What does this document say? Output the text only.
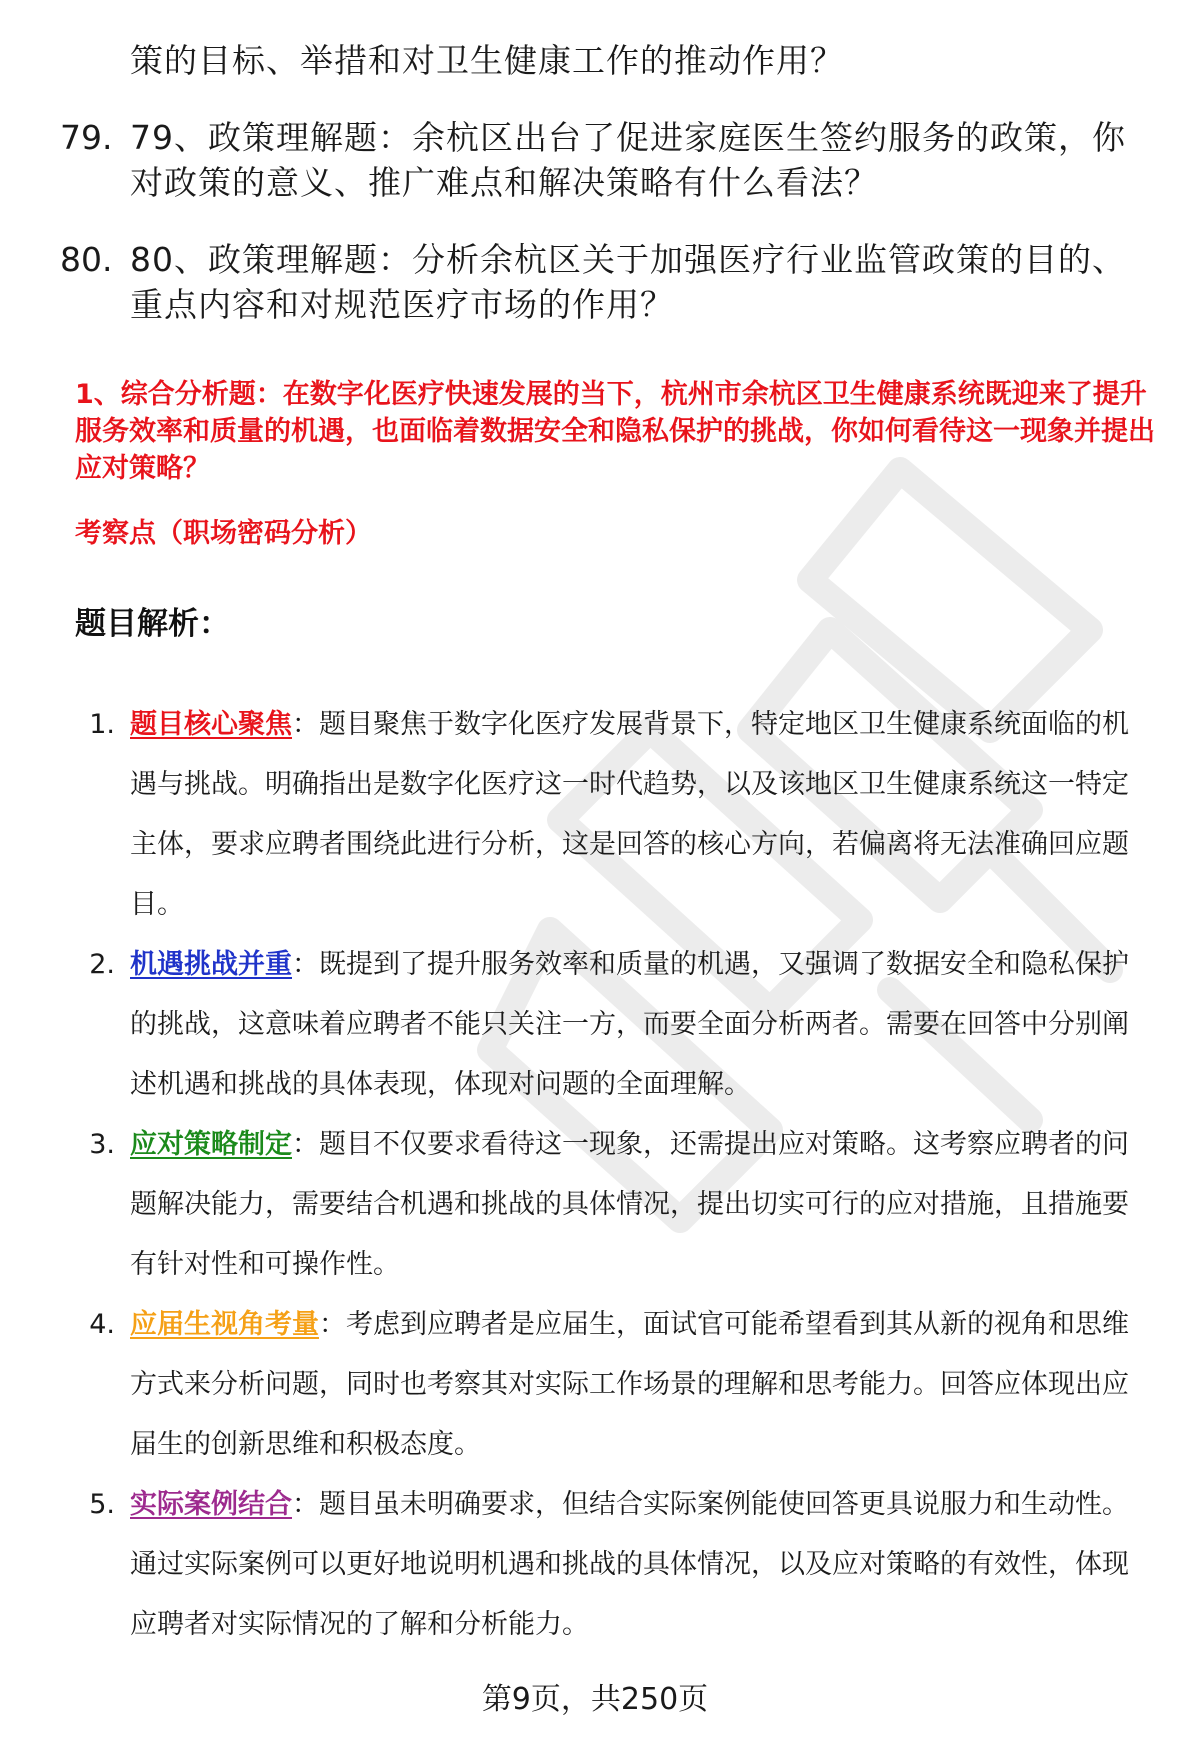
策的目标、举措和对卫生健康工作的推动作用？
79. 79、政策理解题：余杭区出台了促进家庭医生签约服务的政策，你对政策的意义、推广难点和解决策略有什么看法？
80. 80、政策理解题：分析余杭区关于加强医疗行业监管政策的目的、重点内容和对规范医疗市场的作用？
1、综合分析题：在数字化医疗快速发展的当下，杭州市余杭区卫生健康系统既迎来了提升服务效率和质量的机遇，也面临着数据安全和隐私保护的挑战，你如何看待这一现象并提出应对策略？
考察点（职场密码分析）
题目解析：
1. 题目核心聚焦：题目聚焦于数字化医疗发展背景下，特定地区卫生健康系统面临的机遇与挑战。明确指出是数字化医疗这一时代趋势，以及该地区卫生健康系统这一特定主体，要求应聘者围绕此进行分析，这是回答的核心方向，若偏离将无法准确回应题目。
2. 机遇挑战并重：既提到了提升服务效率和质量的机遇，又强调了数据安全和隐私保护的挑战，这意味着应聘者不能只关注一方，而要全面分析两者。需要在回答中分别阐述机遇和挑战的具体表现，体现对问题的全面理解。
3. 应对策略制定：题目不仅要求看待这一现象，还需提出应对策略。这考察应聘者的问题解决能力，需要结合机遇和挑战的具体情况，提出切实可行的应对措施，且措施要有针对性和可操作性。
4. 应届生视角考量：考虑到应聘者是应届生，面试官可能希望看到其从新的视角和思维方式来分析问题，同时也考察其对实际工作场景的理解和思考能力。回答应体现出应届生的创新思维和积极态度。
5. 实际案例结合：题目虽未明确要求，但结合实际案例能使回答更具说服力和生动性。通过实际案例可以更好地说明机遇和挑战的具体情况，以及应对策略的有效性，体现应聘者对实际情况的了解和分析能力。
第9页，共250页
